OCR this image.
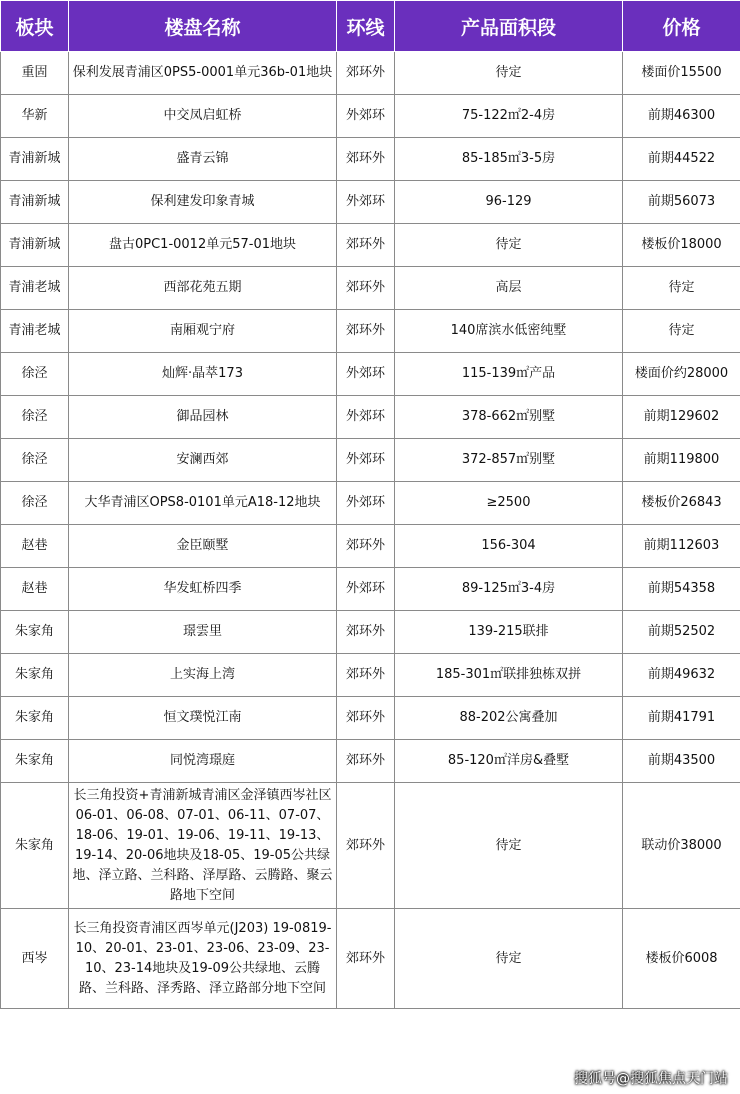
板块	楼盘名称	环线	产品面积段	价格
重固	保利发展青浦区0PS5-0001单元36b-01地块	郊环外	待定	楼面价15500
华新	中交凤启虹桥	外郊环	75-122㎡2-4房	前期46300
青浦新城	盛青云锦	郊环外	85-185㎡3-5房	前期44522
青浦新城	保利建发印象青城	外郊环	96-129	前期56073
青浦新城	盘古0PC1-0012单元57-01地块	郊环外	待定	楼板价18000
青浦老城	西部花苑五期	郊环外	高层	待定
青浦老城	南厢观宁府	郊环外	140席滨水低密纯墅	待定
徐泾	灿辉·晶萃173	外郊环	115-139㎡产品	楼面价约28000
徐泾	御品园林	外郊环	378-662㎡别墅	前期129602
徐泾	安澜西郊	外郊环	372-857㎡别墅	前期119800
徐泾	大华青浦区OPS8-0101单元A18-12地块	外郊环	≥2500	楼板价26843
赵巷	金臣颐墅	郊环外	156-304	前期112603
赵巷	华发虹桥四季	外郊环	89-125㎡3-4房	前期54358
朱家角	璟雲里	郊环外	139-215联排	前期52502
朱家角	上实海上湾	郊环外	185-301㎡联排独栋双拼	前期49632
朱家角	恒文璞悦江南	郊环外	88-202公寓叠加	前期41791
朱家角	同悦湾璟庭	郊环外	85-120㎡洋房&叠墅	前期43500
朱家角	长三角投资+青浦新城青浦区金泽镇西岑社区06-01、06-08、07-01、06-11、07-07、18-06、19-01、19-06、19-11、19-13、19-14、20-06地块及18-05、19-05公共绿地、泽立路、兰科路、泽厚路、云腾路、聚云路地下空间	郊环外	待定	联动价38000
西岑	长三角投资青浦区西岑单元(J203) 19-0819-10、20-01、23-01、23-06、23-09、23-10、23-14地块及19-09公共绿地、云腾路、兰科路、泽秀路、泽立路部分地下空间	郊环外	待定	楼板价6008
搜狐号@搜狐焦点天门站
